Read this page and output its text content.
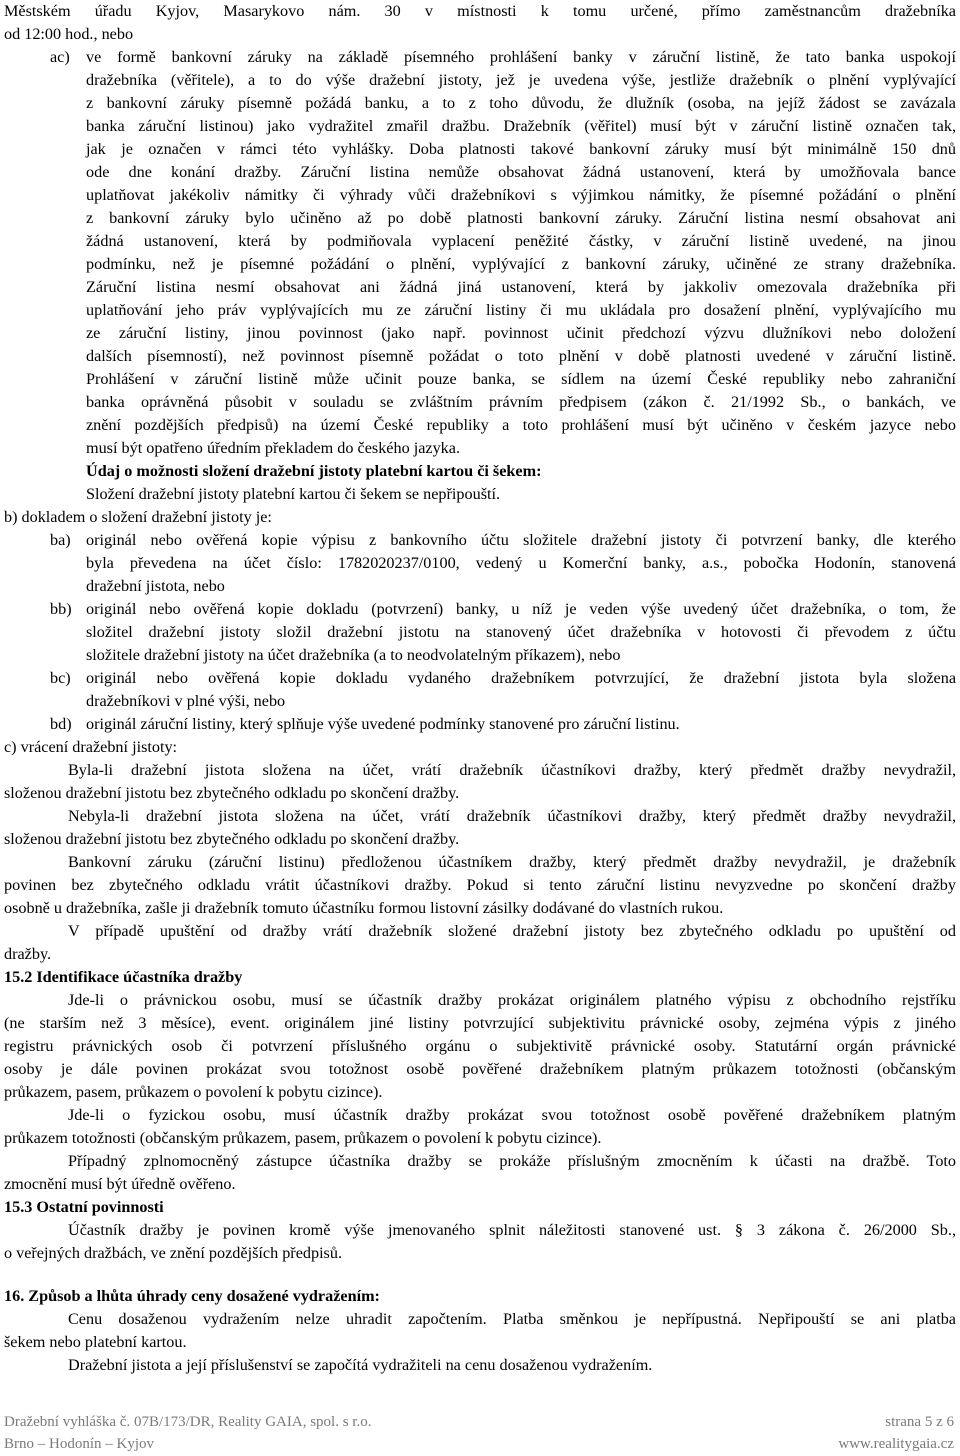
Městském úřadu Kyjov, Masarykovo nám. 30 v místnosti k tomu určené, přímo zaměstnancům dražebníka
od 12:00 hod., nebo
ve formě bankovní záruky na základě písemného prohlášení banky v záruční listině, že tato banka uspokojí
dražebníka (věřitele), a to do výše dražební jistoty, jež je uvedena výše, jestliže dražebník o plnění vyplývající
z bankovní záruky písemně požádá banku, a to z toho důvodu, že dlužník (osoba, na jejíž žádost se zavázala
banka záruční listinou) jako vydražitel zmařil dražbu. Dražebník (věřitel) musí být v záruční listině označen tak,
jak je označen v rámci této vyhlášky. Doba platnosti takové bankovní záruky musí být minimálně 150 dnů
ode dne konání dražby. Záruční listina nemůže obsahovat žádná ustanovení, která by umožňovala bance
uplatňovat jakékoliv námitky či výhrady vůči dražebníkovi s výjimkou námitky, že písemné požádání o plnění
z bankovní záruky bylo učiněno až po době platnosti bankovní záruky. Záruční listina nesmí obsahovat ani
žádná ustanovení, která by podmiňovala vyplacení peněžité částky, v záruční listině uvedené, na jinou
podmínku, než je písemné požádání o plnění, vyplývající z bankovní záruky, učiněné ze strany dražebníka.
Záruční listina nesmí obsahovat ani žádná jiná ustanovení, která by jakkoliv omezovala dražebníka při
uplatňování jeho práv vyplývajících mu ze záruční listiny či mu ukládala pro dosažení plnění, vyplývajícího mu
ze záruční listiny, jinou povinnost (jako např. povinnost učinit předchozí výzvu dlužníkovi nebo doložení
dalších písemností), než povinnost písemně požádat o toto plnění v době platnosti uvedené v záruční listině.
Prohlášení v záruční listině může učinit pouze banka, se sídlem na území České republiky nebo zahraniční
banka oprávněná působit v souladu se zvláštním právním předpisem (zákon č. 21/1992 Sb., o bankách, ve
znění pozdějších předpisů) na území České republiky a toto prohlášení musí být učiněno v českém jazyce nebo
musí být opatřeno úředním překladem do českého jazyka.
Údaj o možnosti složení dražební jistoty platební kartou či šekem:
Složení dražební jistoty platební kartou či šekem se nepřipouští.
b) dokladem o složení dražební jistoty je:
originál nebo ověřená kopie výpisu z bankovního účtu složitele dražební jistoty či potvrzení banky, dle kterého
byla převedena na účet číslo: 1782020237/0100, vedený u Komerční banky, a.s., pobočka Hodonín, stanovená
dražební jistota, nebo
originál nebo ověřená kopie dokladu (potvrzení) banky, u níž je veden výše uvedený účet dražebníka, o tom, že
složitel dražební jistoty složil dražební jistotu na stanovený účet dražebníka v hotovosti či převodem z účtu
složitele dražební jistoty na účet dražebníka (a to neodvolatelným příkazem), nebo
originál nebo ověřená kopie dokladu vydaného dražebníkem potvrzující, že dražební jistota byla složena
dražebníkovi v plné výši, nebo
originál záruční listiny, který splňuje výše uvedené podmínky stanovené pro záruční listinu.
c) vrácení dražební jistoty:
Byla-li dražební jistota složena na účet, vrátí dražebník účastníkovi dražby, který předmět dražby nevydražil,
složenou dražební jistotu bez zbytečného odkladu po skončení dražby.
Nebyla-li dražební jistota složena na účet, vrátí dražebník účastníkovi dražby, který předmět dražby nevydražil,
složenou dražební jistotu bez zbytečného odkladu po skončení dražby.
Bankovní záruku (záruční listinu) předloženou účastníkem dražby, který předmět dražby nevydražil, je dražebník
povinen bez zbytečného odkladu vrátit účastníkovi dražby. Pokud si tento záruční listinu nevyzvedne po skončení dražby
osobně u dražebníka, zašle ji dražebník tomuto účastníku formou listovní zásilky dodávané do vlastních rukou.
V případě upuštění od dražby vrátí dražebník složené dražební jistoty bez zbytečného odkladu po upuštění od
dražby.
15.2 Identifikace účastníka dražby
Jde-li o právnickou osobu, musí se účastník dražby prokázat originálem platného výpisu z obchodního rejstříku
(ne starším než 3 měsíce), event. originálem jiné listiny potvrzující subjektivitu právnické osoby, zejména výpis z jiného
registru právnických osob či potvrzení příslušného orgánu o subjektivitě právnické osoby. Statutární orgán právnické
osoby je dále povinen prokázat svou totožnost osobě pověřené dražebníkem platným průkazem totožnosti (občanským
průkazem, pasem, průkazem o povolení k pobytu cizince).
Jde-li o fyzickou osobu, musí účastník dražby prokázat svou totožnost osobě pověřené dražebníkem platným
průkazem totožnosti (občanským průkazem, pasem, průkazem o povolení k pobytu cizince).
Případný zplnomocněný zástupce účastníka dražby se prokáže příslušným zmocněním k účasti na dražbě. Toto
zmocnění musí být úředně ověřeno.
15.3 Ostatní povinnosti
Účastník dražby je povinen kromě výše jmenovaného splnit náležitosti stanovené ust. § 3 zákona č. 26/2000 Sb.,
o veřejných dražbách, ve znění pozdějších předpisů.
16. Způsob a lhůta úhrady ceny dosažené vydražením:
Cenu dosaženou vydražením nelze uhradit započtením. Platba směnkou je nepřípustná. Nepřipouští se ani platba
šekem nebo platební kartou.
Dražební jistota a její příslušenství se započítá vydražiteli na cenu dosaženou vydražením.
ac)
ba)
bb)
bc)
bd)
Dražební vyhláška č. 07B/173/DR, Reality GAIA, spol. s r.o.
Brno – Hodonín – Kyjov
strana 5 z 6
www.realitygaia.cz
